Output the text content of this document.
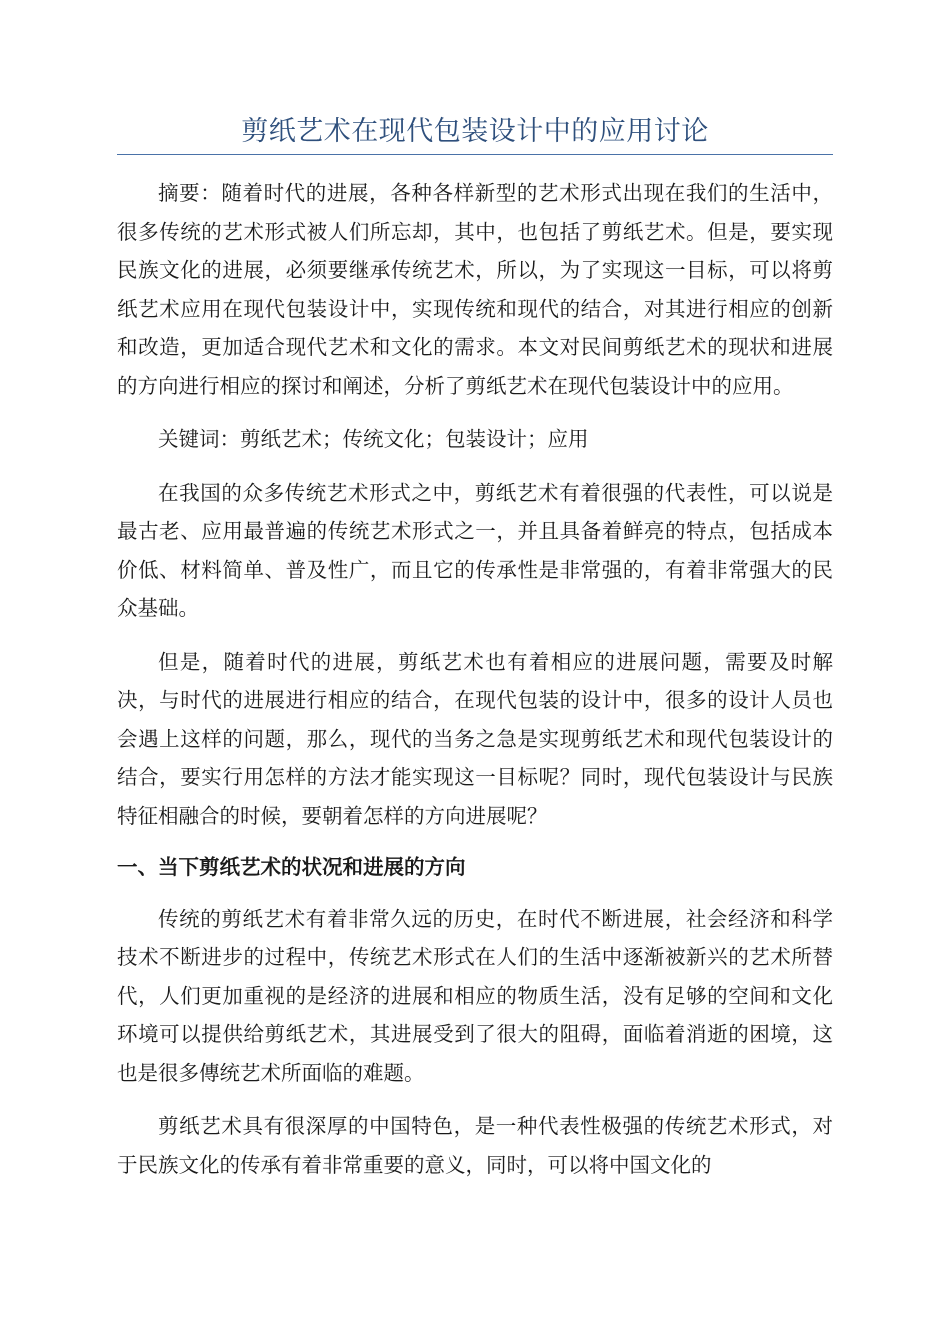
剪纸艺术在现代包装设计中的应用讨论

摘要：随着时代的进展，各种各样新型的艺术形式出现在我们的生活中，很多传统的艺术形式被人们所忘却，其中，也包括了剪纸艺术。但是，要实现民族文化的进展，必须要继承传统艺术，所以，为了实现这一目标，可以将剪纸艺术应用在现代包装设计中，实现传统和现代的结合，对其进行相应的创新和改造，更加适合现代艺术和文化的需求。本文对民间剪纸艺术的现状和进展的方向进行相应的探讨和阐述，分析了剪纸艺术在现代包装设计中的应用。

关键词：剪纸艺术；传统文化；包装设计；应用

在我国的众多传统艺术形式之中，剪纸艺术有着很强的代表性，可以说是最古老、应用最普遍的传统艺术形式之一，并且具备着鲜亮的特点，包括成本价低、材料简单、普及性广，而且它的传承性是非常强的，有着非常强大的民众基础。

但是，随着时代的进展，剪纸艺术也有着相应的进展问题，需要及时解决，与时代的进展进行相应的结合，在现代包装的设计中，很多的设计人员也会遇上这样的问题，那么，现代的当务之急是实现剪纸艺术和现代包装设计的结合，要实行用怎样的方法才能实现这一目标呢？同时，现代包装设计与民族特征相融合的时候，要朝着怎样的方向进展呢？

一、当下剪纸艺术的状况和进展的方向

传统的剪纸艺术有着非常久远的历史，在时代不断进展，社会经济和科学技术不断进步的过程中，传统艺术形式在人们的生活中逐渐被新兴的艺术所替代，人们更加重视的是经济的进展和相应的物质生活，没有足够的空间和文化环境可以提供给剪纸艺术，其进展受到了很大的阻碍，面临着消逝的困境，这也是很多傳统艺术所面临的难题。

剪纸艺术具有很深厚的中国特色，是一种代表性极强的传统艺术形式，对于民族文化的传承有着非常重要的意义，同时，可以将中国文化的
